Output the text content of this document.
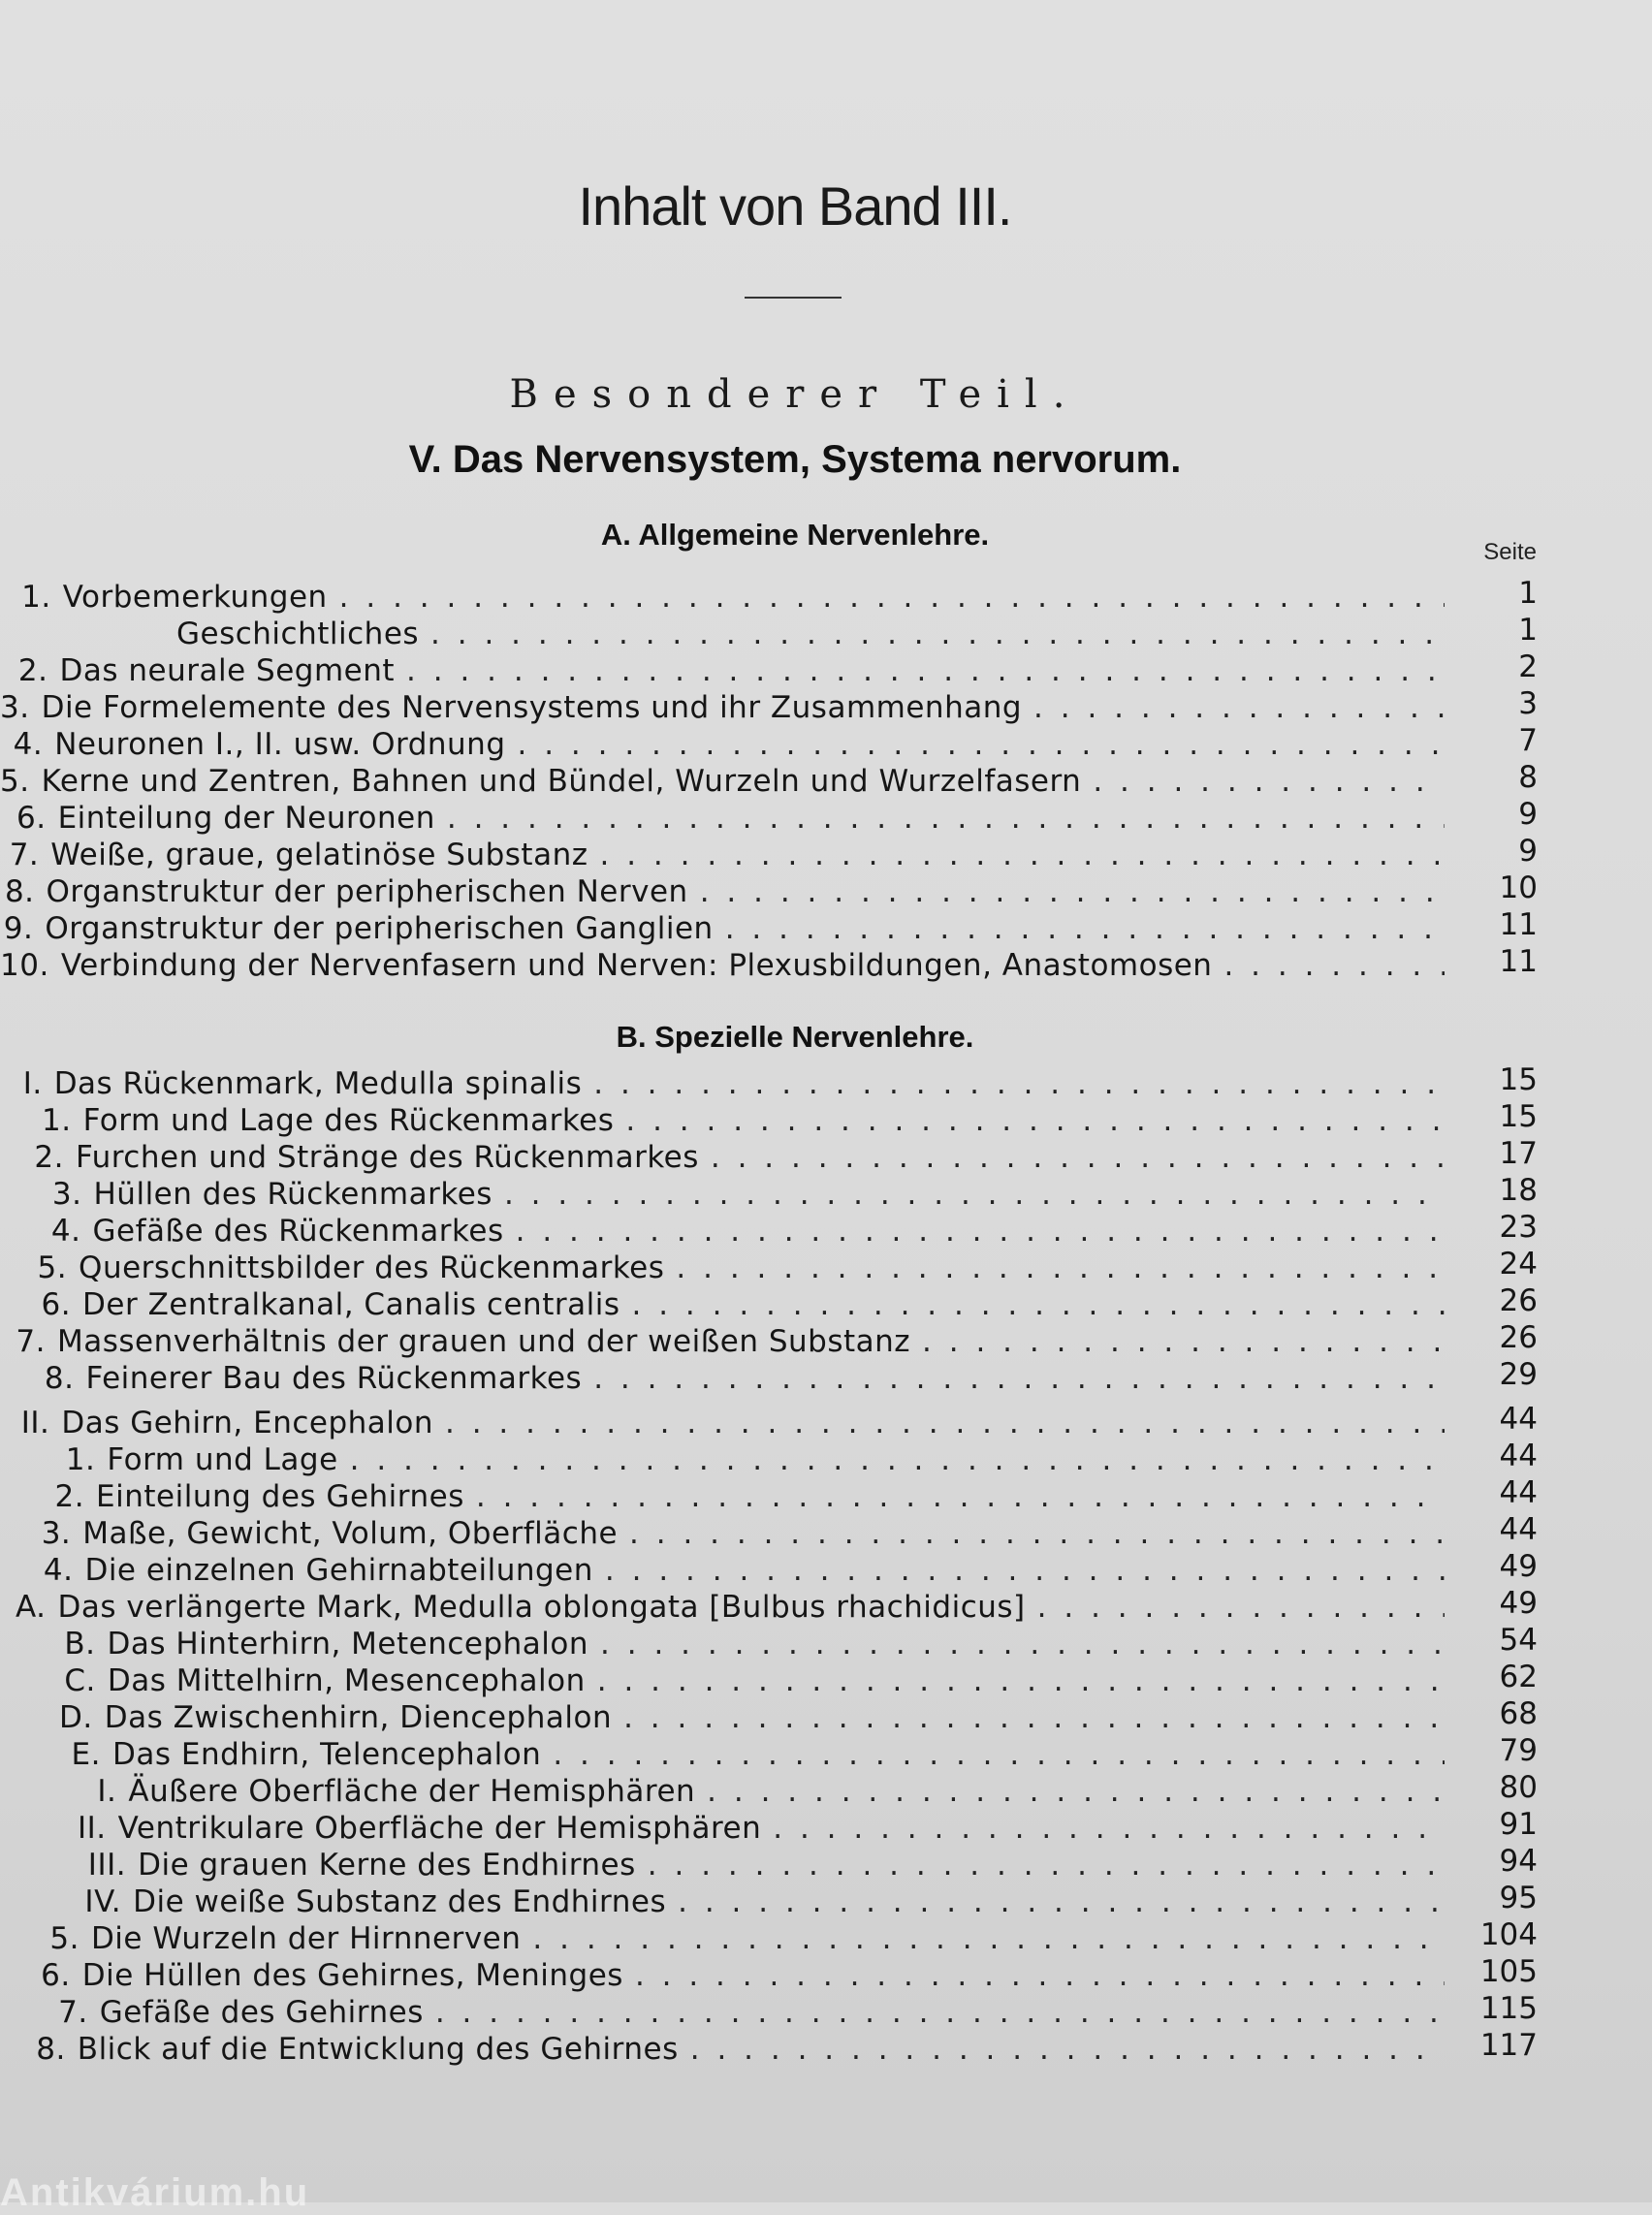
Inhalt von Band III.
Besonderer Teil.
V. Das Nervensystem, Systema nervorum.
A. Allgemeine Nervenlehre.
Seite
B. Spezielle Nervenlehre.
1. Vorbemerkungen . . .	1
Geschichtliches . . .	1
2. Das neurale Segment . . .	2
3. Die Formelemente des Nervensystems und ihr Zusammenhang . . .	3
4. Neuronen I., II. usw. Ordnung . . .	7
5. Kerne und Zentren, Bahnen und Bündel, Wurzeln und Wurzelfasern . . .	8
6. Einteilung der Neuronen . . .	9
7. Weiße, graue, gelatinöse Substanz . . .	9
8. Organstruktur der peripherischen Nerven . . .	10
9. Organstruktur der peripherischen Ganglien . . .	11
10. Verbindung der Nervenfasern und Nerven: Plexusbildungen, Anastomosen . . .	11
I. Das Rückenmark, Medulla spinalis . . .	15
1. Form und Lage des Rückenmarkes . . .	15
2. Furchen und Stränge des Rückenmarkes . . .	17
3. Hüllen des Rückenmarkes . . .	18
4. Gefäße des Rückenmarkes . . .	23
5. Querschnittsbilder des Rückenmarkes . . .	24
6. Der Zentralkanal, Canalis centralis . . .	26
7. Massenverhältnis der grauen und der weißen Substanz . . .	26
8. Feinerer Bau des Rückenmarkes . . .	29
II. Das Gehirn, Encephalon . . .	44
1. Form und Lage . . .	44
2. Einteilung des Gehirnes . . .	44
3. Maße, Gewicht, Volum, Oberfläche . . .	44
4. Die einzelnen Gehirnabteilungen . . .	49
A. Das verlängerte Mark, Medulla oblongata [Bulbus rhachidicus] . . .	49
B. Das Hinterhirn, Metencephalon . . .	54
C. Das Mittelhirn, Mesencephalon . . .	62
D. Das Zwischenhirn, Diencephalon . . .	68
E. Das Endhirn, Telencephalon . . .	79
I. Äußere Oberfläche der Hemisphären . . .	80
II. Ventrikulare Oberfläche der Hemisphären . . .	91
III. Die grauen Kerne des Endhirnes . . .	94
IV. Die weiße Substanz des Endhirnes . . .	95
5. Die Wurzeln der Hirnnerven . . .	104
6. Die Hüllen des Gehirnes, Meninges . . .	105
7. Gefäße des Gehirnes . . .	115
8. Blick auf die Entwicklung des Gehirnes . . .	117
Antikvárium.hu
